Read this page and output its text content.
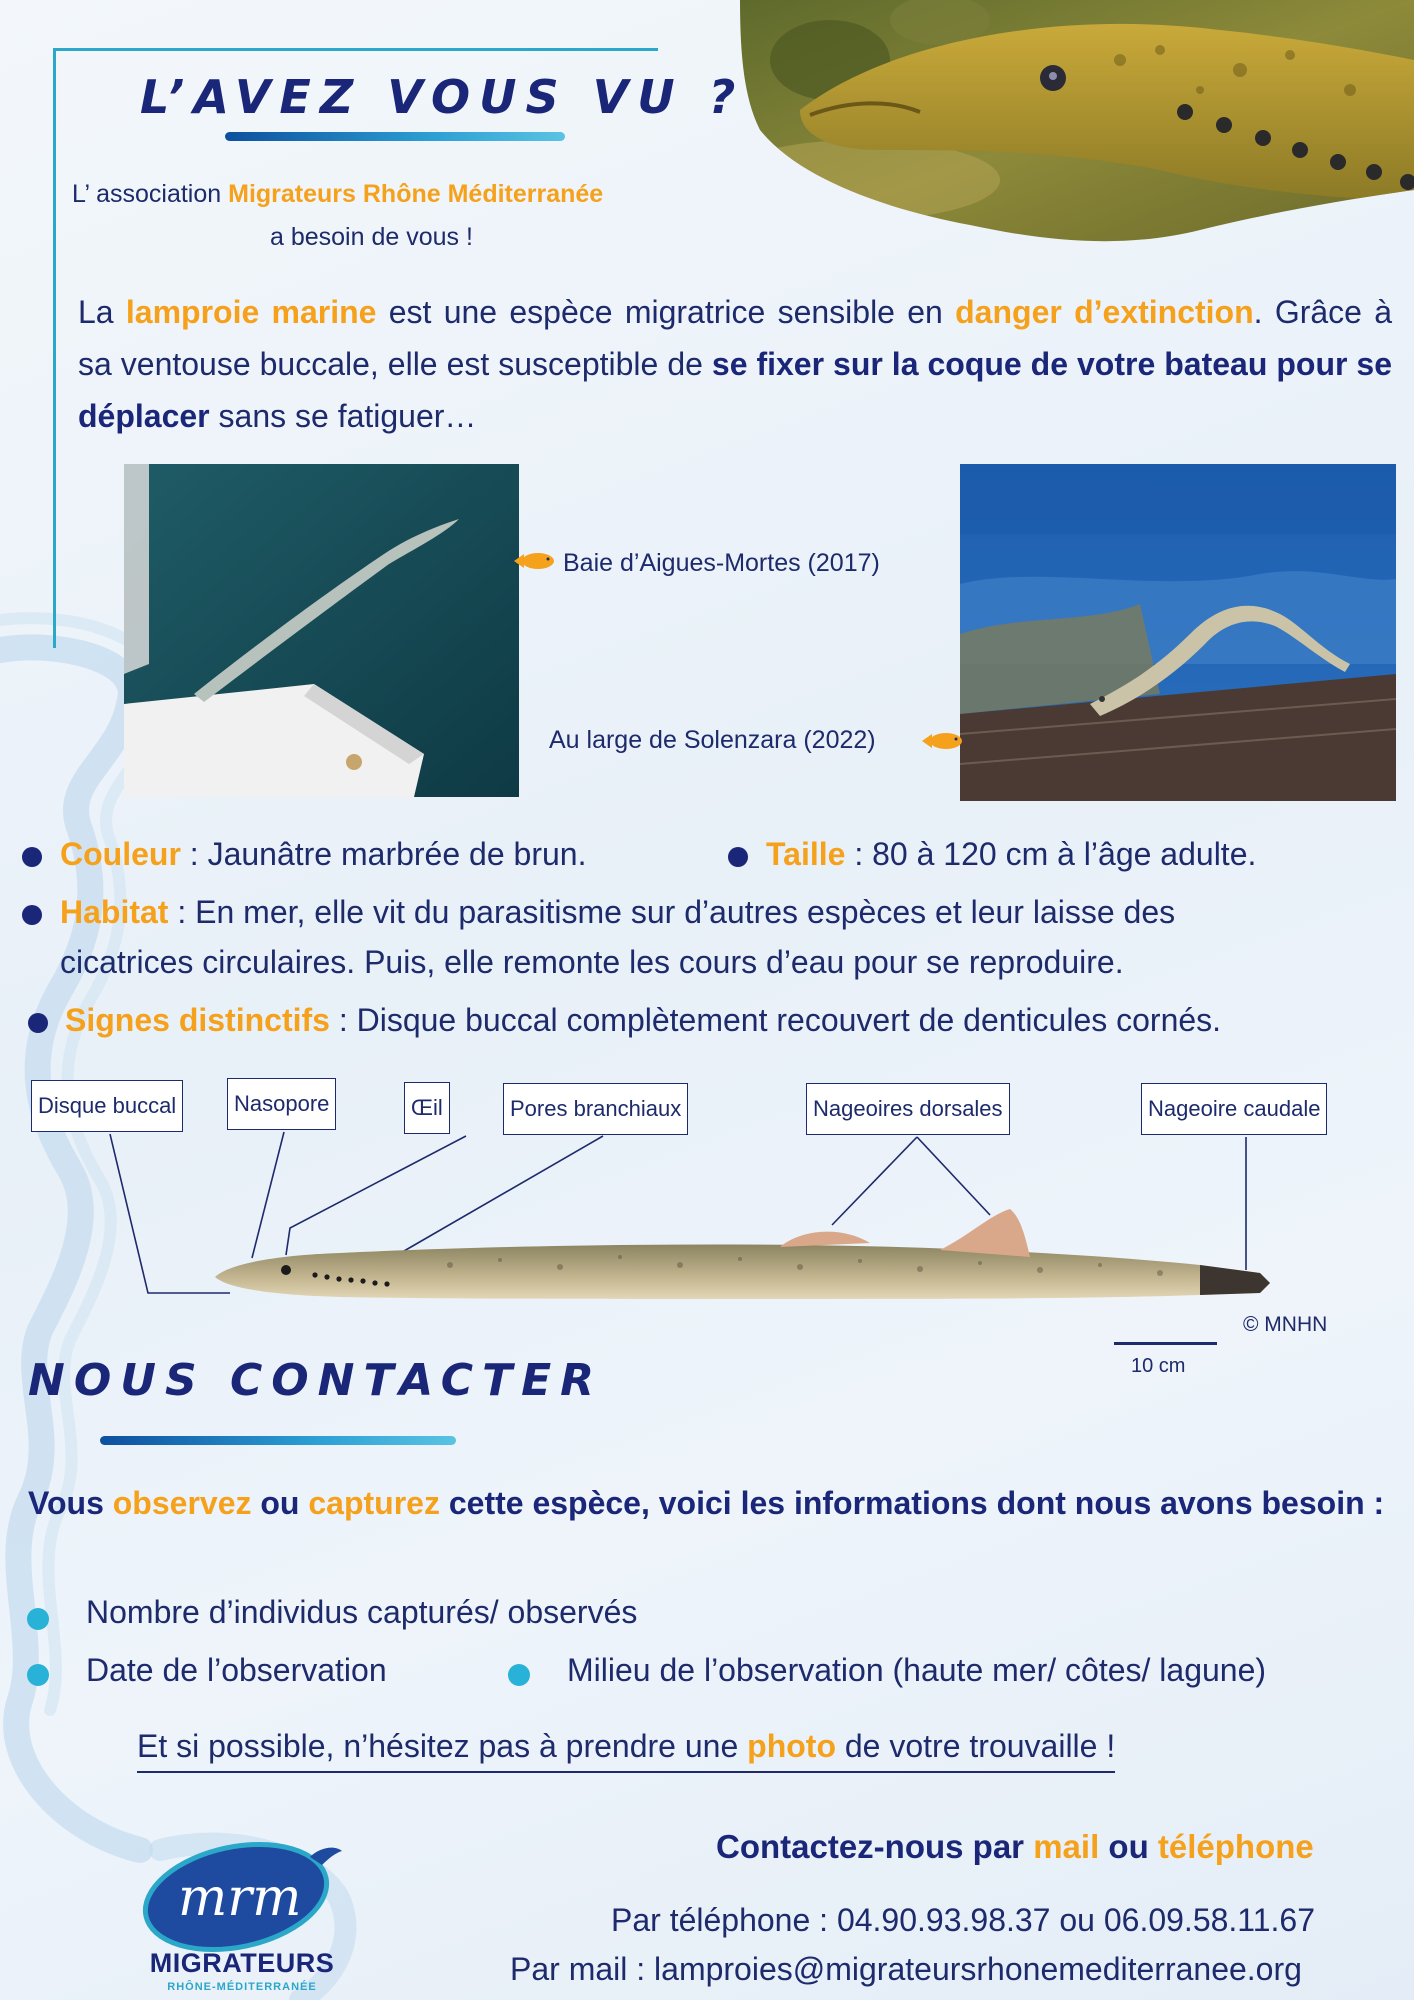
L’AVEZ VOUS VU ?
L’ association Migrateurs Rhône Méditerranée
a besoin de vous !
La lamproie marine est une espèce migratrice sensible en danger d’extinction. Grâce à sa ventouse buccale, elle est susceptible de se fixer sur la coque de votre bateau pour se déplacer sans se fatiguer…
Baie d’Aigues-Mortes (2017)
Au large de Solenzara (2022)
Couleur : Jaunâtre marbrée de brun.	Taille : 80 à 120 cm à l’âge adulte.
Habitat : En mer, elle vit du parasitisme sur d’autres espèces et leur laisse des
cicatrices circulaires. Puis, elle remonte les cours d’eau pour se reproduire.
Signes distinctifs : Disque buccal complètement recouvert de denticules cornés.
Disque buccal	Nasopore	Œil	Pores branchiaux	Nageoires dorsales	Nageoire caudale
© MNHN
10 cm
NOUS CONTACTER
Vous observez ou capturez cette espèce, voici les informations dont nous avons besoin :
Nombre d’individus capturés/ observés
Date de l’observation	Milieu de l’observation (haute mer/ côtes/ lagune)
Et si possible, n’hésitez pas à prendre une photo de votre trouvaille !
Contactez-nous par mail ou téléphone
Par téléphone : 04.90.93.98.37 ou 06.09.58.11.67
Par mail : lamproies@migrateursrhonemediterranee.org
mrm
MIGRATEURS
RHÔNE-MÉDITERRANÉE
